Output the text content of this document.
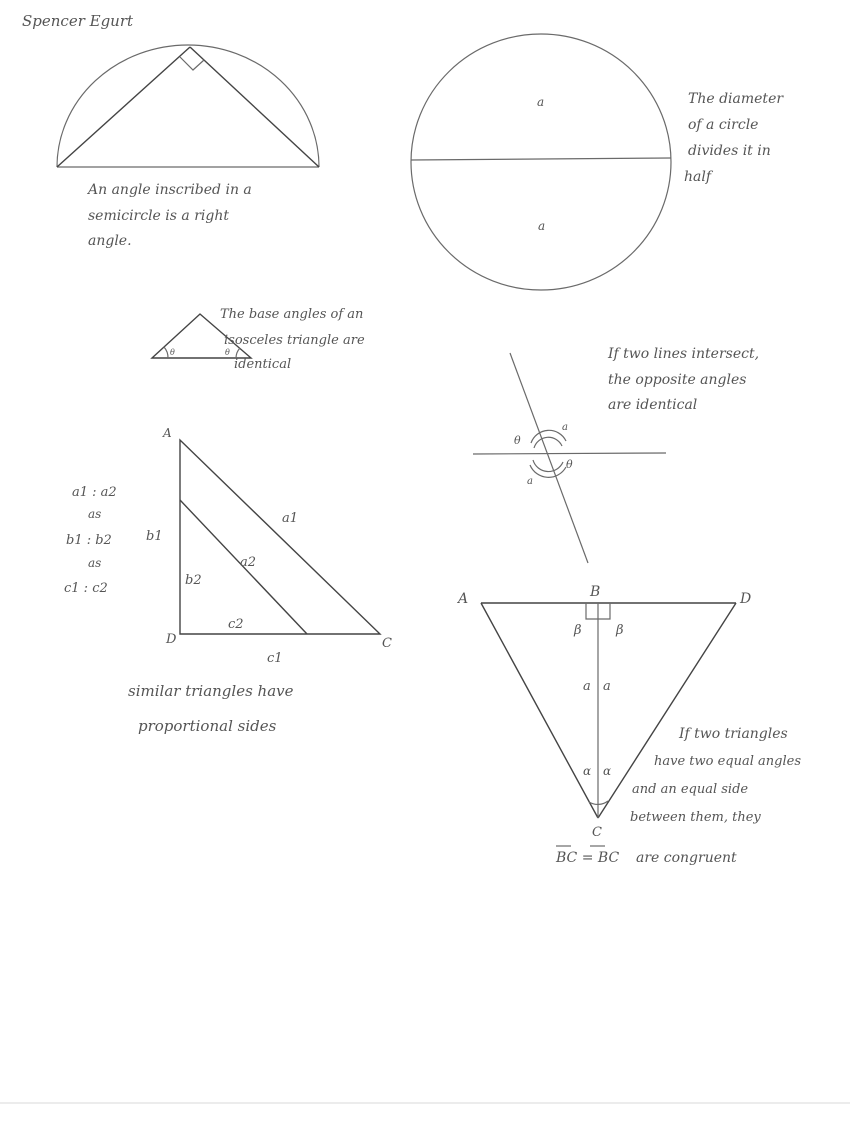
Spencer Egurt
An angle inscribed in a
semicircle is a right
angle.
a
a
The diameter
of a circle
divides it in
half
θ	θ
The base angles of an
isosceles triangle are
identical
θ
θ
a
a
If two lines intersect,
the opposite angles
are identical
A
D	C
a1
a2
b1
b2
c2
c1
a1 : a2
as
b1 : b2
as
c1 : c2
similar triangles have
proportional sides
A	B	D
C
β	β
a a
α α
BC = BC
If two triangles
have two equal angles
and an equal side
between them, they
are congruent
